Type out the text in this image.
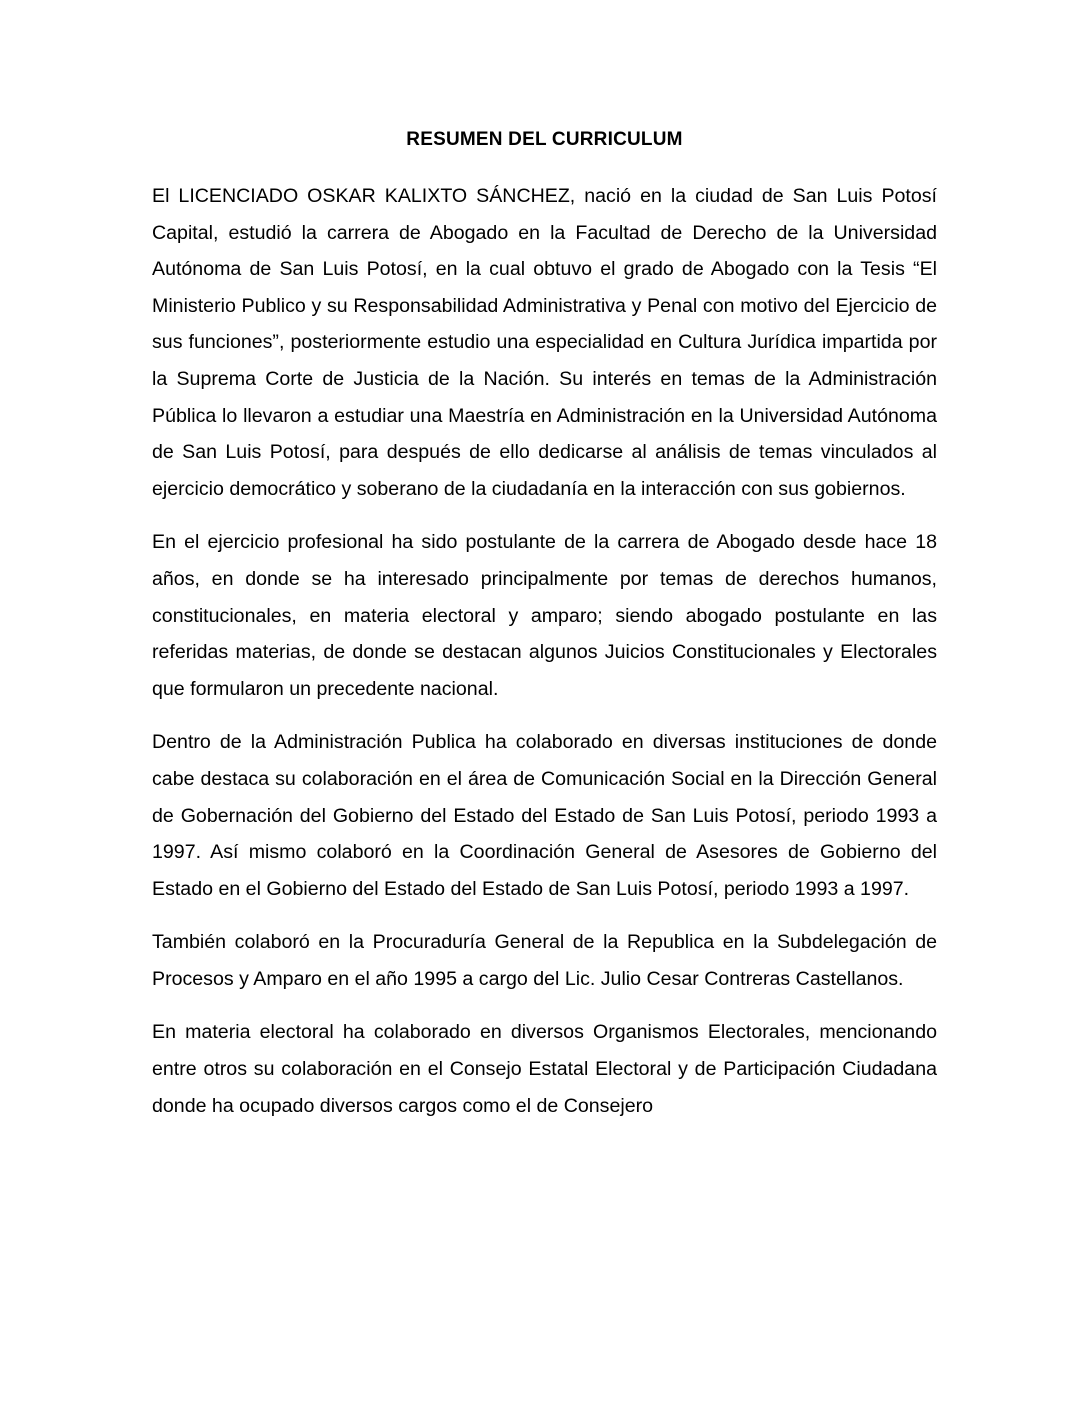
RESUMEN DEL CURRICULUM

El LICENCIADO OSKAR KALIXTO SÁNCHEZ, nació en la ciudad de San Luis Potosí Capital, estudió la carrera de Abogado en la Facultad de Derecho de la Universidad Autónoma de San Luis Potosí, en la cual obtuvo el grado de Abogado con la Tesis “El Ministerio Publico y su Responsabilidad Administrativa y Penal con motivo del Ejercicio de sus funciones”, posteriormente estudio una especialidad en Cultura Jurídica impartida por la Suprema Corte de Justicia de la Nación. Su interés en temas de la Administración Pública lo llevaron a estudiar una Maestría en Administración en la Universidad Autónoma de San Luis Potosí, para después de ello dedicarse al análisis de temas vinculados al ejercicio democrático y soberano de la ciudadanía en la interacción con sus gobiernos.

En el ejercicio profesional ha sido postulante de la carrera de Abogado desde hace 18 años, en donde se ha interesado principalmente por temas de derechos humanos, constitucionales, en materia electoral y amparo; siendo abogado postulante en las referidas materias, de donde se destacan algunos Juicios Constitucionales y Electorales que formularon un precedente nacional.

Dentro de la Administración Publica ha colaborado en diversas instituciones de donde cabe destaca su colaboración en el área de Comunicación Social en la Dirección General de Gobernación del Gobierno del Estado del Estado de San Luis Potosí, periodo 1993 a 1997. Así mismo colaboró en la Coordinación General de Asesores de Gobierno del Estado en el Gobierno del Estado del Estado de San Luis Potosí, periodo 1993 a 1997.

También colaboró en la Procuraduría General de la Republica en la Subdelegación de Procesos y Amparo en el año 1995 a cargo del Lic. Julio Cesar Contreras Castellanos.

En materia electoral ha colaborado en diversos Organismos Electorales, mencionando entre otros su colaboración en el Consejo Estatal Electoral y de Participación Ciudadana donde ha ocupado diversos cargos como el de Consejero
